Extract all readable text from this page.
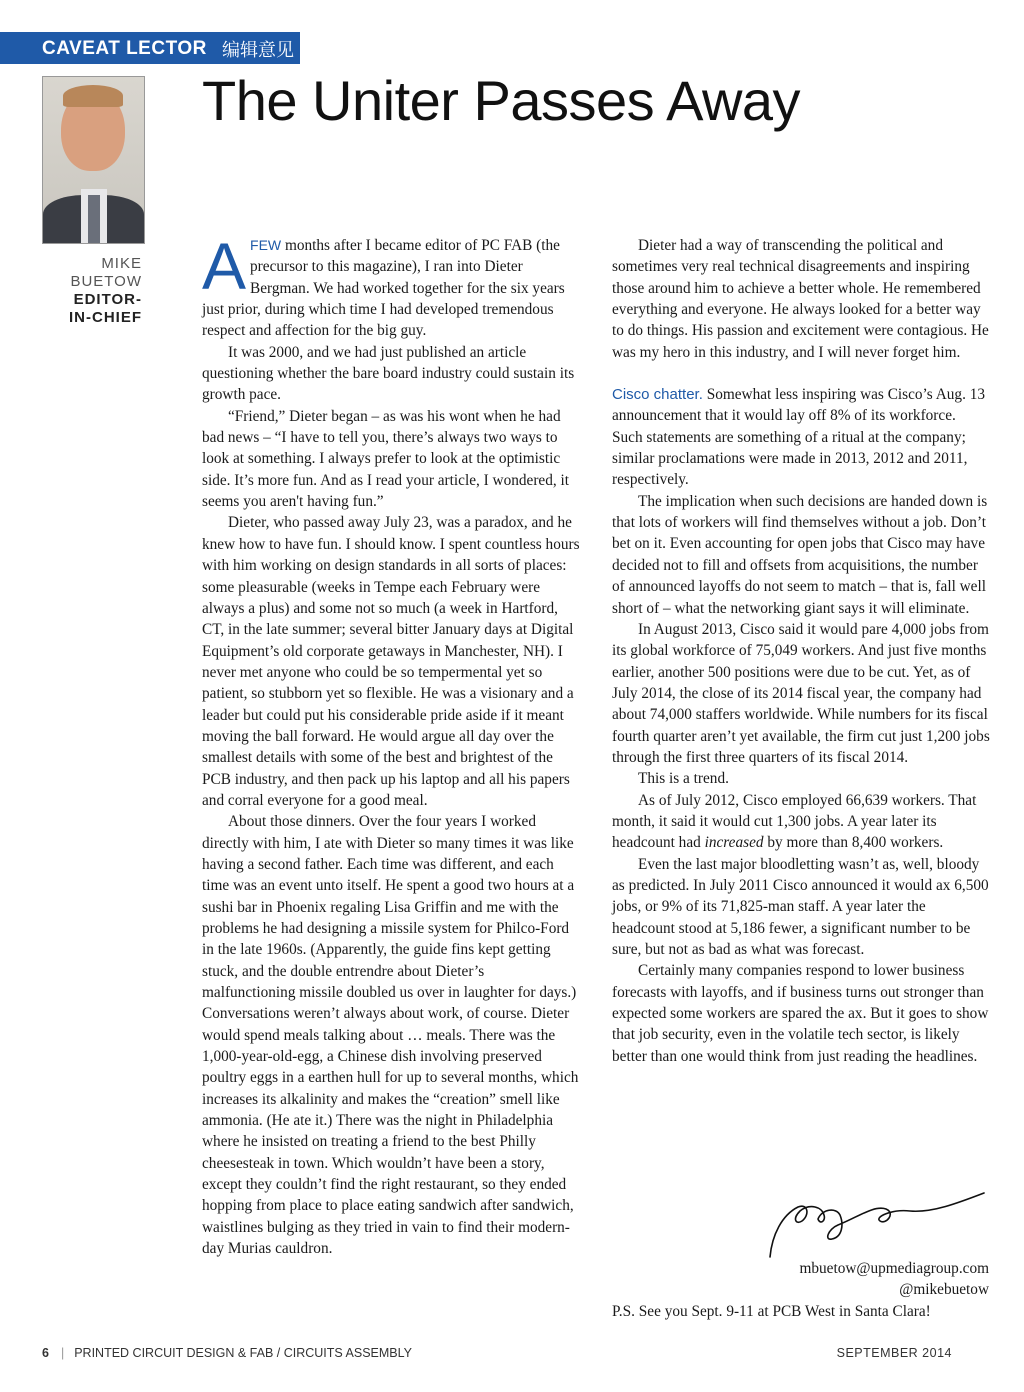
CAVEAT LECTOR 编辑意见
The Uniter Passes Away
MIKE
BUETOW
EDITOR-
IN-CHIEF

AFEW months after I became editor of PC FAB (the precursor to this magazine), I ran into Dieter Bergman. We had worked together for the six years just prior, during which time I had developed tremendous respect and affection for the big guy.

It was 2000, and we had just published an article questioning whether the bare board industry could sustain its growth pace.

“Friend,” Dieter began – as was his wont when he had bad news – “I have to tell you, there’s always two ways to look at something. I always prefer to look at the optimistic side. It’s more fun. And as I read your article, I wondered, it seems you aren't having fun.”

Dieter, who passed away July 23, was a paradox, and he knew how to have fun. I should know. I spent countless hours with him working on design standards in all sorts of places: some pleasurable (weeks in Tempe each February were always a plus) and some not so much (a week in Hartford, CT, in the late summer; several bitter January days at Digital Equipment’s old corporate getaways in Manchester, NH). I never met anyone who could be so tempermental yet so patient, so stubborn yet so flexible. He was a visionary and a leader but could put his considerable pride aside if it meant moving the ball forward. He would argue all day over the smallest details with some of the best and brightest of the PCB industry, and then pack up his laptop and all his papers and corral everyone for a good meal.

About those dinners. Over the four years I worked directly with him, I ate with Dieter so many times it was like having a second father. Each time was different, and each time was an event unto itself. He spent a good two hours at a sushi bar in Phoenix regaling Lisa Griffin and me with the problems he had designing a missile system for Philco-Ford in the late 1960s. (Apparently, the guide fins kept getting stuck, and the double entrendre about Dieter’s malfunctioning missile doubled us over in laughter for days.) Conversations weren’t always about work, of course. Dieter would spend meals talking about … meals. There was the 1,000-year-old-egg, a Chinese dish involving preserved poultry eggs in a earthen hull for up to several months, which increases its alkalinity and makes the “creation” smell like ammonia. (He ate it.) There was the night in Philadelphia where he insisted on treating a friend to the best Philly cheesesteak in town. Which wouldn’t have been a story, except they couldn’t find the right restaurant, so they ended hopping from place to place eating sandwich after sandwich, waistlines bulging as they tried in vain to find their modern-day Murias cauldron.

Dieter had a way of transcending the political and sometimes very real technical disagreements and inspiring those around him to achieve a better whole. He remembered everything and everyone. He always looked for a better way to do things. His passion and excitement were contagious. He was my hero in this industry, and I will never forget him.

Cisco chatter. Somewhat less inspiring was Cisco’s Aug. 13 announcement that it would lay off 8% of its workforce. Such statements are something of a ritual at the company; similar proclamations were made in 2013, 2012 and 2011, respectively.

The implication when such decisions are handed down is that lots of workers will find themselves without a job. Don’t bet on it. Even accounting for open jobs that Cisco may have decided not to fill and offsets from acquisitions, the number of announced layoffs do not seem to match – that is, fall well short of – what the networking giant says it will eliminate.

In August 2013, Cisco said it would pare 4,000 jobs from its global workforce of 75,049 workers. And just five months earlier, another 500 positions were due to be cut. Yet, as of July 2014, the close of its 2014 fiscal year, the company had about 74,000 staffers worldwide. While numbers for its fiscal fourth quarter aren’t yet available, the firm cut just 1,200 jobs through the first three quarters of its fiscal 2014.

This is a trend.

As of July 2012, Cisco employed 66,639 workers. That month, it said it would cut 1,300 jobs. A year later its headcount had increased by more than 8,400 workers.

Even the last major bloodletting wasn’t as, well, bloody as predicted. In July 2011 Cisco announced it would ax 6,500 jobs, or 9% of its 71,825-man staff. A year later the headcount stood at 5,186 fewer, a significant number to be sure, but not as bad as what was forecast.

Certainly many companies respond to lower business forecasts with layoffs, and if business turns out stronger than expected some workers are spared the ax. But it goes to show that job security, even in the volatile tech sector, is likely better than one would think from just reading the headlines.

mbuetow@upmediagroup.com
@mikebuetow
P.S. See you Sept. 9-11 at PCB West in Santa Clara!
6 | PRINTED CIRCUIT DESIGN & FAB / CIRCUITS ASSEMBLY	SEPTEMBER 2014
